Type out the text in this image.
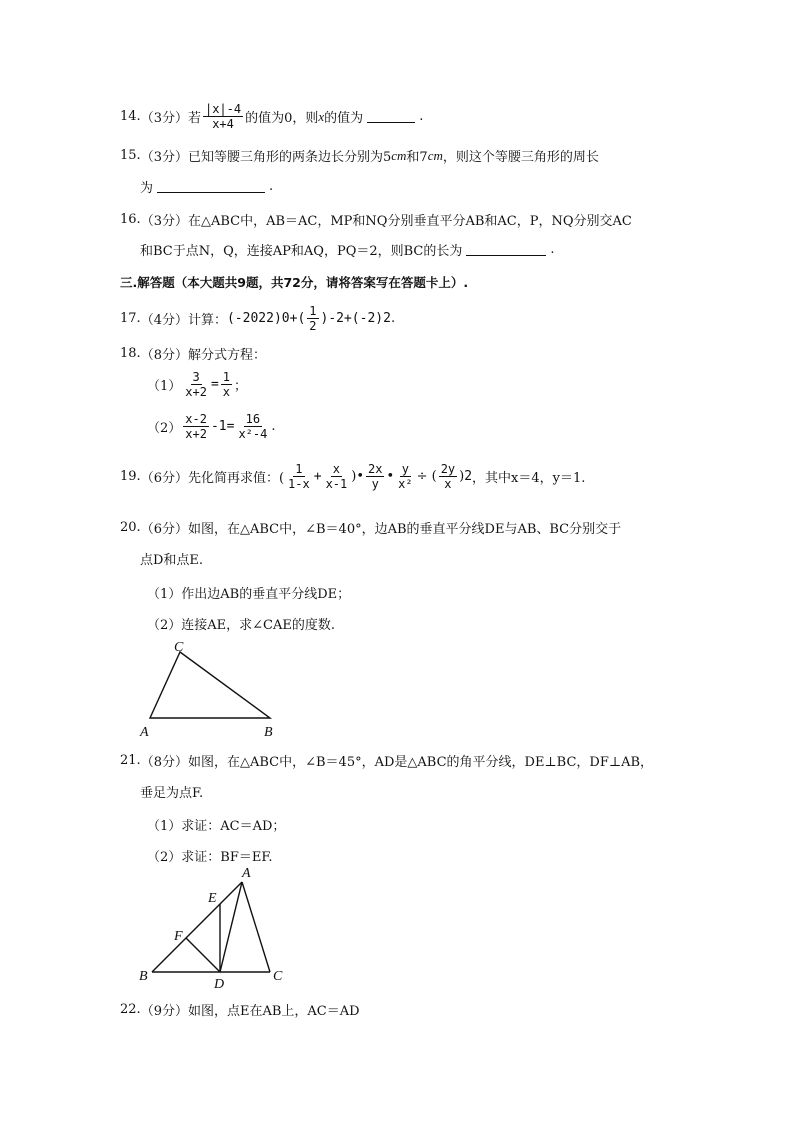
14. （3分） 若 $\frac{|x|-4}{x+4}$ 的值为0，则 x 的值为	.
15. （3分） 已知等腰三角形的两条边长分别为5 cm 和7 cm ，则这个等腰三角形的周长
为	.
16. （3分） 在△ABC中，AB＝AC，MP和NQ分别垂直平分AB和AC，P，NQ分别交AC
和BC于点N，Q，连接AP和AQ，PQ＝2，则BC的长为	.
三.解答题（本大题共9题，共72分，请将答案写在答题卡上）.
17. （4分） 计算： (-2022) 0 + ( $\frac{1}{2}$ ) -2 +(-2) 2 .
18. （8分） 解分式方程：
$(1) \frac{3}{x+2} = \frac{1}{x}$ ；
$(2) \frac{x-2}{x+2} -1= \frac{16}{\text{x²-4}}$ .
19. （6分） 先化简再求值：( $\frac{1}{1-x} + \frac{x}{x-1}$ ) • $\frac{2x}{y}$ • $\frac{y}{\text{x²}}$ ÷ ( $\frac{2y}{x}$ ) 2 ，其中x＝4，y＝1.
20. （6分） 如图，在△ABC中，∠B＝40°，边AB的垂直平分线DE与AB、BC分别交于
点D和点E.
（1）作出边AB的垂直平分线DE；
（2）连接AE，求∠CAE的度数.
C
A	B
21. （8分） 如图，在△ABC中，∠B＝45°，AD是△ABC的角平分线，DE⊥BC，DF⊥AB，
垂足为点F.
（1）求证：AC＝AD；
（2）求证：BF＝EF.
A
E
F
B
D
C
22. （9分） 如图，点E在AB上，AC＝AD
